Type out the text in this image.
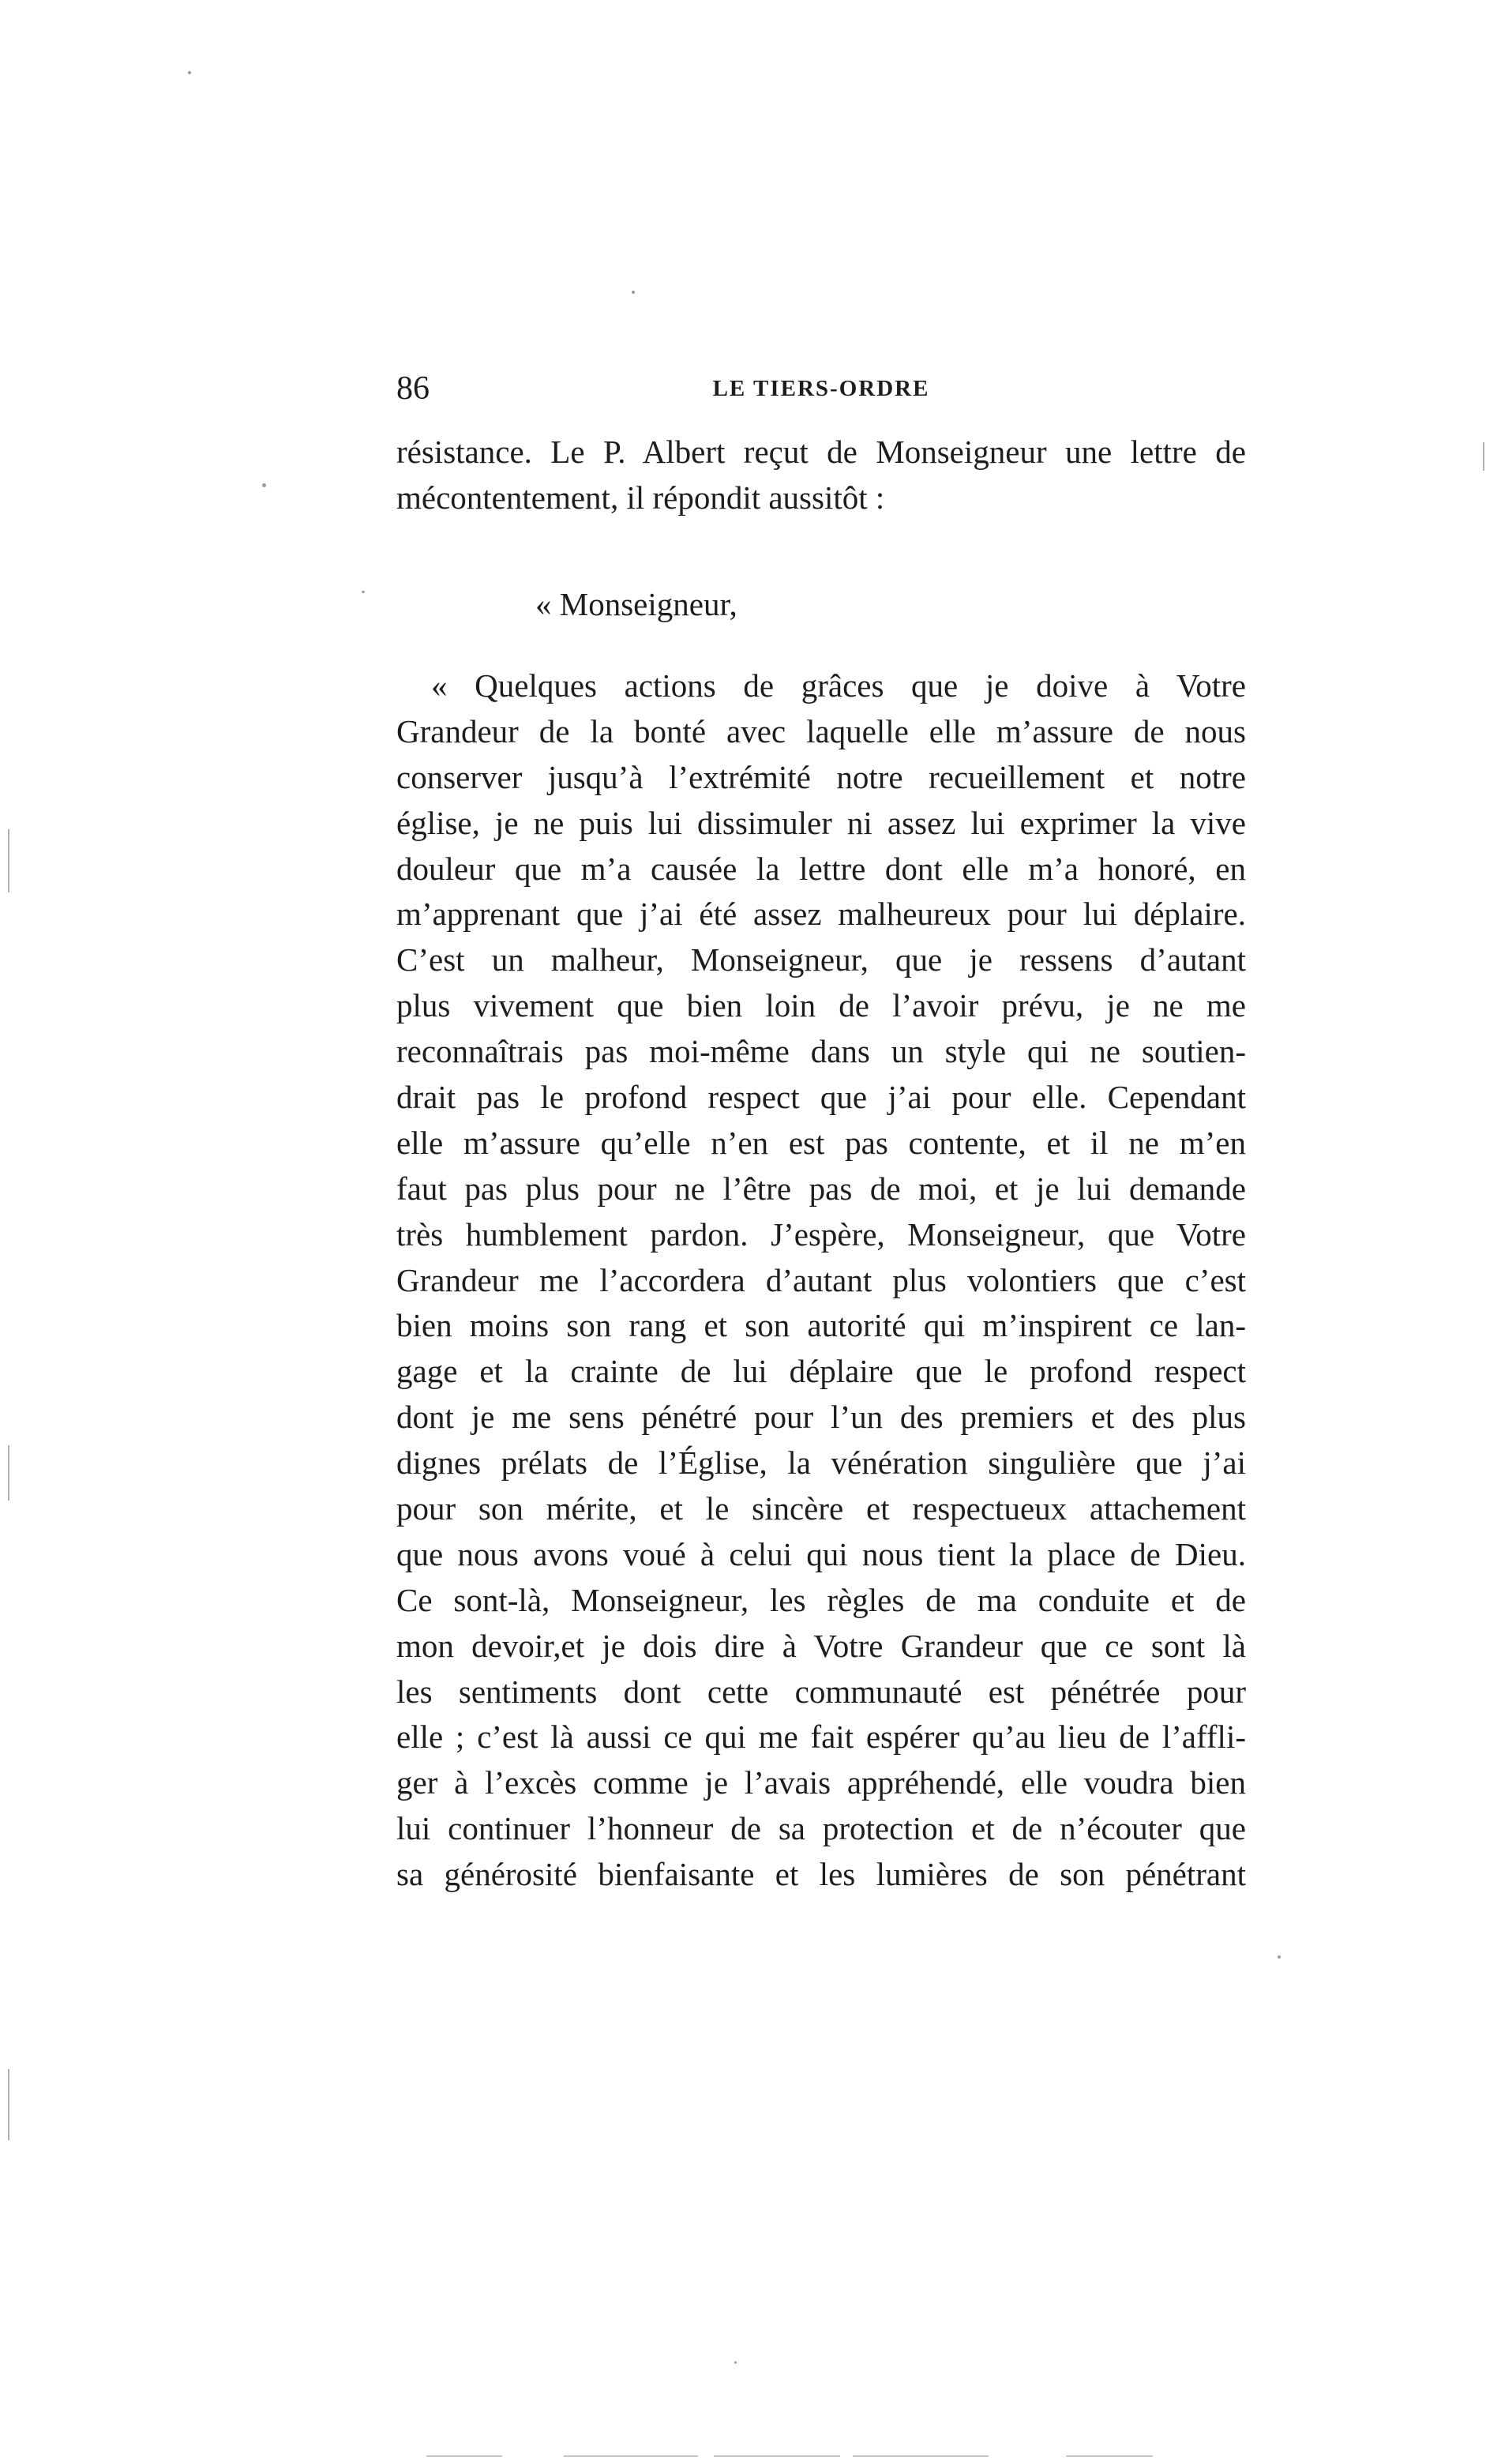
86	LE TIERS-ORDRE
résistance. Le P. Albert reçut de Monseigneur une lettre de
mécontentement, il répondit aussitôt :
« Monseigneur,
« Quelques actions de grâces que je doive à Votre
Grandeur de la bonté avec laquelle elle m’assure de nous
conserver jusqu’à l’extrémité notre recueillement et notre
église, je ne puis lui dissimuler ni assez lui exprimer la vive
douleur que m’a causée la lettre dont elle m’a honoré, en
m’apprenant que j’ai été assez malheureux pour lui déplaire.
C’est un malheur, Monseigneur, que je ressens d’autant
plus vivement que bien loin de l’avoir prévu, je ne me
reconnaîtrais pas moi-même dans un style qui ne soutien-
drait pas le profond respect que j’ai pour elle. Cependant
elle m’assure qu’elle n’en est pas contente, et il ne m’en
faut pas plus pour ne l’être pas de moi, et je lui demande
très humblement pardon. J’espère, Monseigneur, que Votre
Grandeur me l’accordera d’autant plus volontiers que c’est
bien moins son rang et son autorité qui m’inspirent ce lan-
gage et la crainte de lui déplaire que le profond respect
dont je me sens pénétré pour l’un des premiers et des plus
dignes prélats de l’Église, la vénération singulière que j’ai
pour son mérite, et le sincère et respectueux attachement
que nous avons voué à celui qui nous tient la place de Dieu.
Ce sont-là, Monseigneur, les règles de ma conduite et de
mon devoir,et je dois dire à Votre Grandeur que ce sont là
les sentiments dont cette communauté est pénétrée pour
elle ; c’est là aussi ce qui me fait espérer qu’au lieu de l’affli-
ger à l’excès comme je l’avais appréhendé, elle voudra bien
lui continuer l’honneur de sa protection et de n’écouter que
sa générosité bienfaisante et les lumières de son pénétrant
